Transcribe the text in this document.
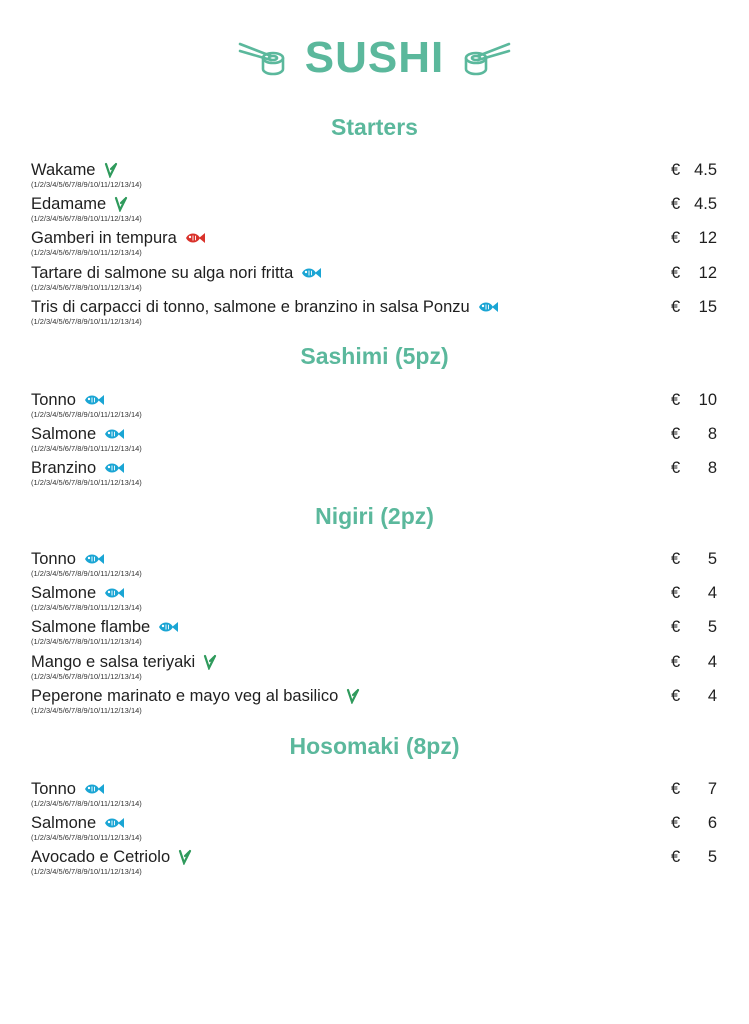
SUSHI
Starters
Wakame
(1/2/3/4/5/6/7/8/9/10/11/12/13/14)
€ 4.5
Edamame
(1/2/3/4/5/6/7/8/9/10/11/12/13/14)
€ 4.5
Gamberi in tempura
(1/2/3/4/5/6/7/8/9/10/11/12/13/14)
€ 12
Tartare di salmone su alga nori fritta
(1/2/3/4/5/6/7/8/9/10/11/12/13/14)
€ 12
Tris di carpacci di tonno, salmone e branzino in salsa Ponzu
(1/2/3/4/5/6/7/8/9/10/11/12/13/14)
€ 15
Sashimi (5pz)
Tonno
(1/2/3/4/5/6/7/8/9/10/11/12/13/14)
€ 10
Salmone
(1/2/3/4/5/6/7/8/9/10/11/12/13/14)
€ 8
Branzino
(1/2/3/4/5/6/7/8/9/10/11/12/13/14)
€ 8
Nigiri (2pz)
Tonno
(1/2/3/4/5/6/7/8/9/10/11/12/13/14)
€ 5
Salmone
(1/2/3/4/5/6/7/8/9/10/11/12/13/14)
€ 4
Salmone flambe
(1/2/3/4/5/6/7/8/9/10/11/12/13/14)
€ 5
Mango e salsa teriyaki
(1/2/3/4/5/6/7/8/9/10/11/12/13/14)
€ 4
Peperone marinato e mayo veg al basilico
(1/2/3/4/5/6/7/8/9/10/11/12/13/14)
€ 4
Hosomaki (8pz)
Tonno
(1/2/3/4/5/6/7/8/9/10/11/12/13/14)
€ 7
Salmone
(1/2/3/4/5/6/7/8/9/10/11/12/13/14)
€ 6
Avocado e Cetriolo
(1/2/3/4/5/6/7/8/9/10/11/12/13/14)
€ 5
